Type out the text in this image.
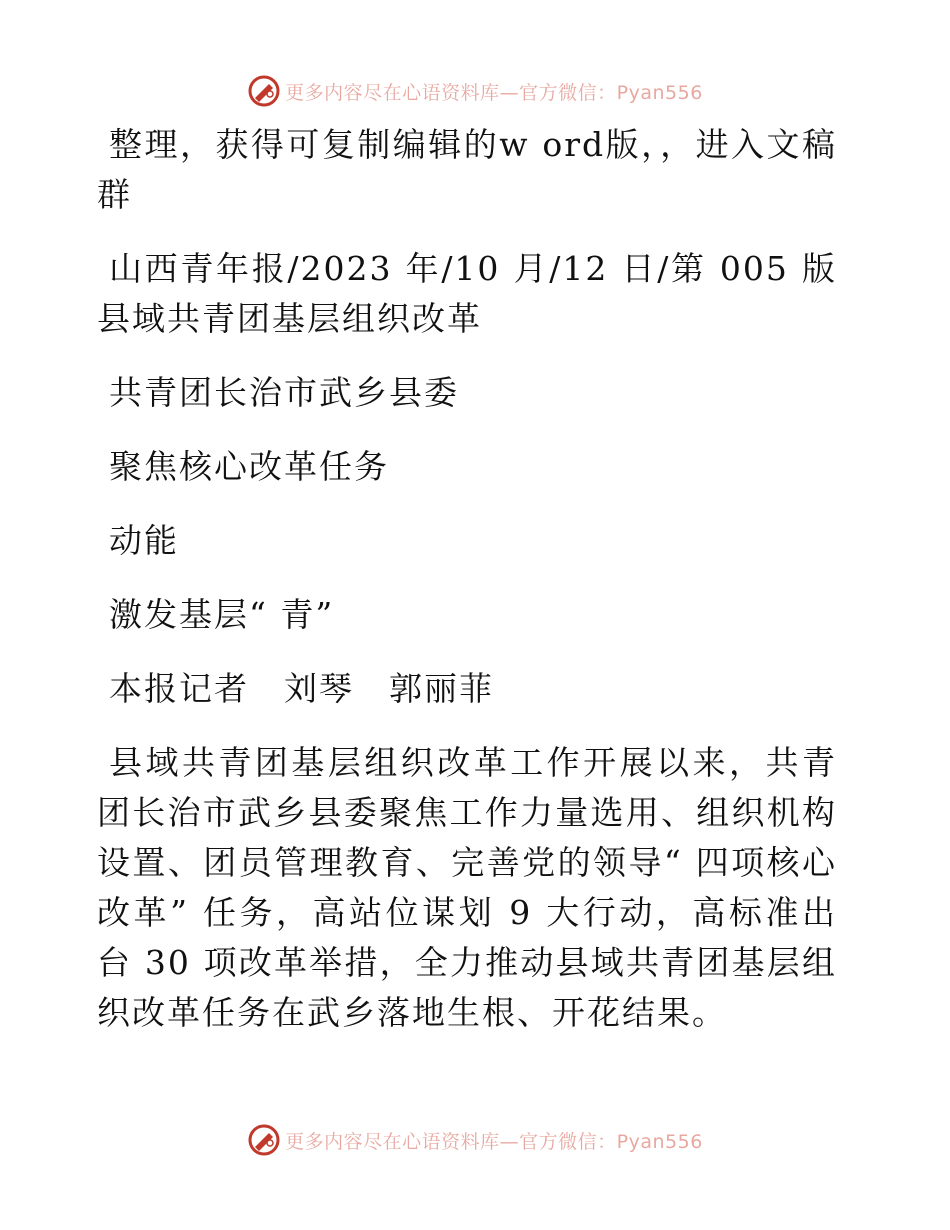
更多内容尽在心语资料库—官方微信：Pyan556

整理，获得可复制编辑的w ord版，，进入文稿群

山西青年报/2023 年/10 月/12 日/第 005 版县域共青团基层组织改革

共青团长治市武乡县委

聚焦核心改革任务

动能

激发基层“ 青”

本报记者　刘琴　郭丽菲

县域共青团基层组织改革工作开展以来，共青团长治市武乡县委聚焦工作力量选用、组织机构设置、团员管理教育、完善党的领导“ 四项核心改革” 任务，高站位谋划 9 大行动，高标准出台 30 项改革举措，全力推动县域共青团基层组织改革任务在武乡落地生根、开花结果。

更多内容尽在心语资料库—官方微信：Pyan556
